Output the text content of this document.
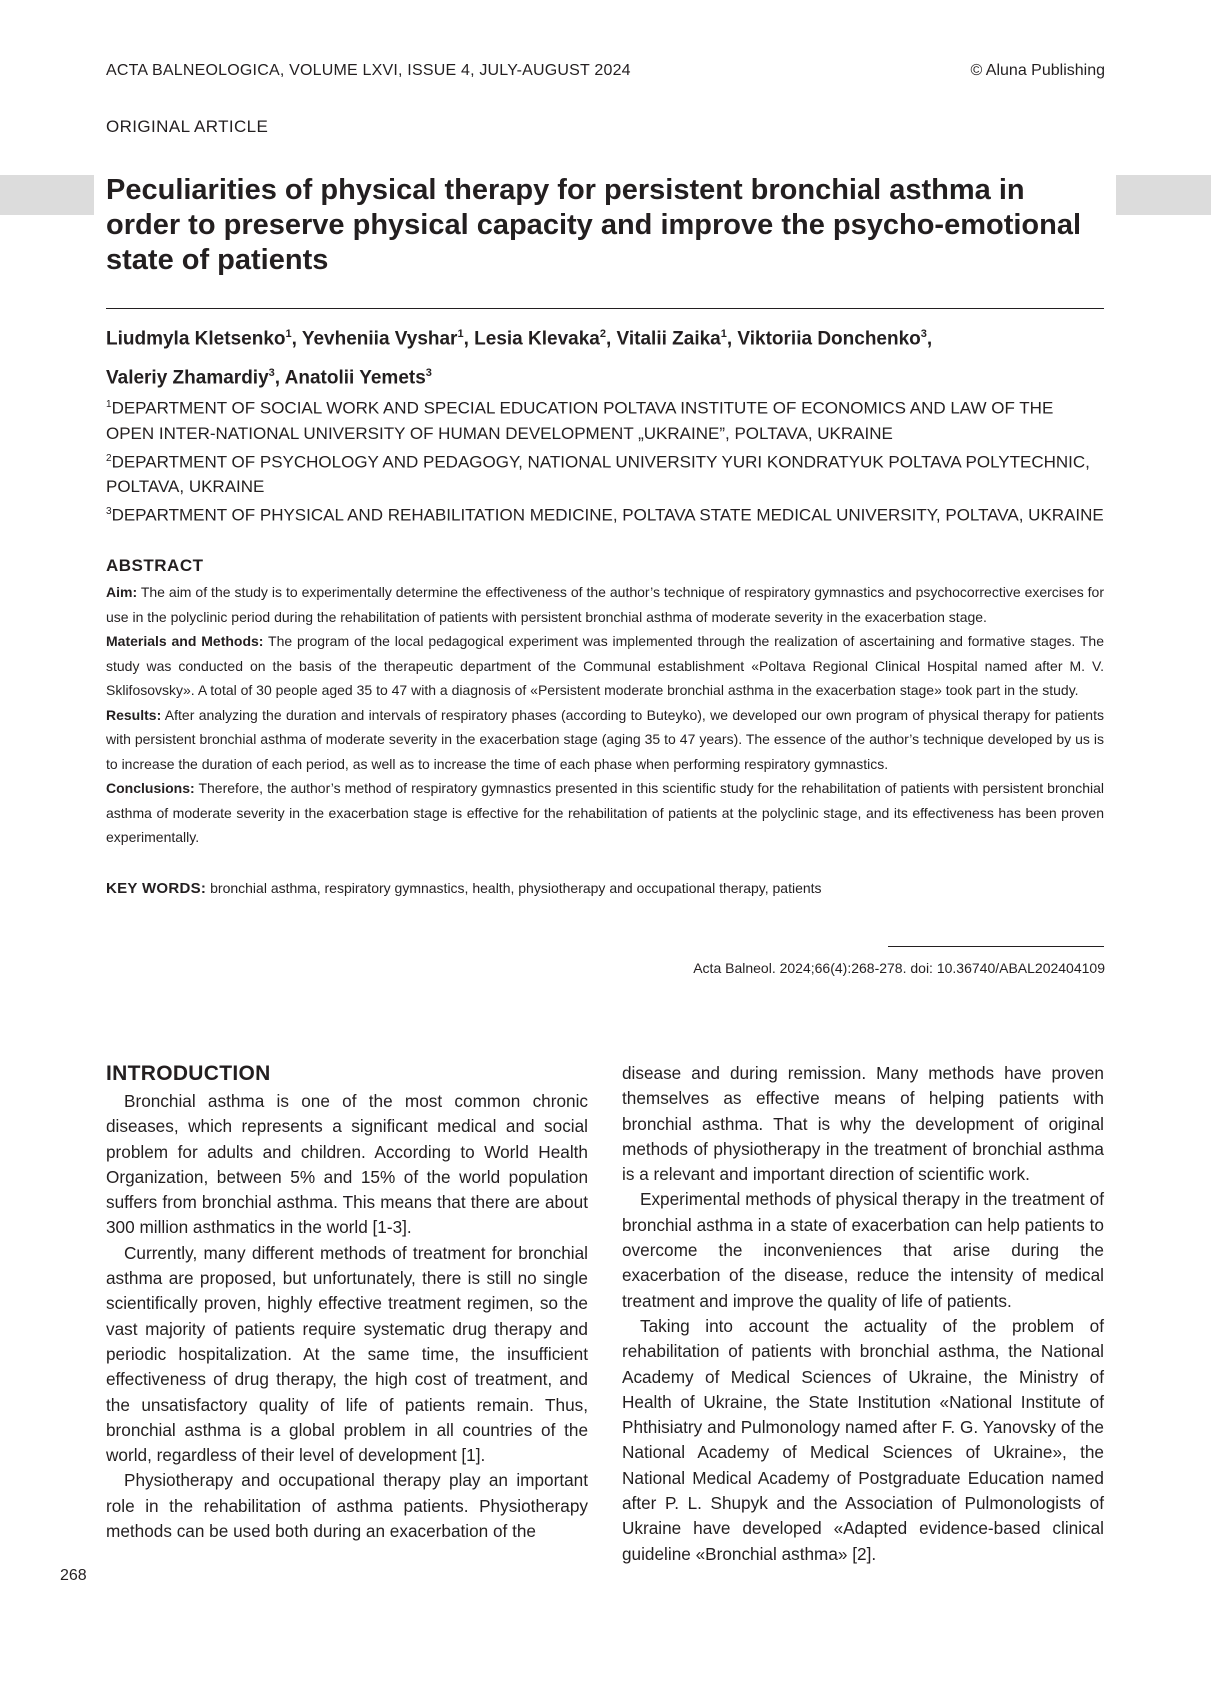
ACTA BALNEOLOGICA, VOLUME LXVI, ISSUE 4, JULY-AUGUST 2024	© Aluna Publishing
ORIGINAL ARTICLE
Peculiarities of physical therapy for persistent bronchial asthma in order to preserve physical capacity and improve the psycho-emotional state of patients
Liudmyla Kletsenko$^1$, Yevheniia Vyshar$^1$, Lesia Klevaka$^2$, Vitalii Zaika$^1$, Viktoriia Donchenko$^3$,
Valeriy Zhamardiy$^3$, Anatolii Yemets$^3$
$^1$DEPARTMENT OF SOCIAL WORK AND SPECIAL EDUCATION POLTAVA INSTITUTE OF ECONOMICS AND LAW OF THE OPEN INTER-NATIONAL UNIVERSITY OF HUMAN DEVELOPMENT „UKRAINE”, POLTAVA, UKRAINE
$^2$DEPARTMENT OF PSYCHOLOGY AND PEDAGOGY, NATIONAL UNIVERSITY YURI KONDRATYUK POLTAVA POLYTECHNIC, POLTAVA, UKRAINE
$^3$DEPARTMENT OF PHYSICAL AND REHABILITATION MEDICINE, POLTAVA STATE MEDICAL UNIVERSITY, POLTAVA, UKRAINE
ABSTRACT
Aim: The aim of the study is to experimentally determine the effectiveness of the author’s technique of respiratory gymnastics and psychocorrective exercises for use in the polyclinic period during the rehabilitation of patients with persistent bronchial asthma of moderate severity in the exacerbation stage.
Materials and Methods: The program of the local pedagogical experiment was implemented through the realization of ascertaining and formative stages. The study was conducted on the basis of the therapeutic department of the Communal establishment «Poltava Regional Clinical Hospital named after M. V. Sklifosovsky». A total of 30 people aged 35 to 47 with a diagnosis of «Persistent moderate bronchial asthma in the exacerbation stage» took part in the study.
Results: After analyzing the duration and intervals of respiratory phases (according to Buteyko), we developed our own program of physical therapy for patients with persistent bronchial asthma of moderate severity in the exacerbation stage (aging 35 to 47 years). The essence of the author’s technique developed by us is to increase the duration of each period, as well as to increase the time of each phase when performing respiratory gymnastics.
Conclusions: Therefore, the author’s method of respiratory gymnastics presented in this scientific study for the rehabilitation of patients with persistent bronchial asthma of moderate severity in the exacerbation stage is effective for the rehabilitation of patients at the polyclinic stage, and its effectiveness has been proven experimentally.
KEY WORDS: bronchial asthma, respiratory gymnastics, health, physiotherapy and occupational therapy, patients
Acta Balneol. 2024;66(4):268-278. doi: 10.36740/ABAL202404109
INTRODUCTION

Bronchial asthma is one of the most common chronic diseases, which represents a significant medical and social problem for adults and children. According to World Health Organization, between 5% and 15% of the world population suffers from bronchial asthma. This means that there are about 300 million asthmatics in the world [1-3].

Currently, many different methods of treatment for bronchial asthma are proposed, but unfortunately, there is still no single scientifically proven, highly effective treatment regimen, so the vast majority of patients require systematic drug therapy and periodic hospitalization. At the same time, the insufficient effectiveness of drug therapy, the high cost of treatment, and the unsatisfactory quality of life of patients remain. Thus, bronchial asthma is a global problem in all countries of the world, regardless of their level of development [1].

Physiotherapy and occupational therapy play an important role in the rehabilitation of asthma patients. Physiotherapy methods can be used both during an exacerbation of the

disease and during remission. Many methods have proven themselves as effective means of helping patients with bronchial asthma. That is why the development of original methods of physiotherapy in the treatment of bronchial asthma is a relevant and important direction of scientific work.

Experimental methods of physical therapy in the treatment of bronchial asthma in a state of exacerbation can help patients to overcome the inconveniences that arise during the exacerbation of the disease, reduce the intensity of medical treatment and improve the quality of life of patients.

Taking into account the actuality of the problem of rehabilitation of patients with bronchial asthma, the National Academy of Medical Sciences of Ukraine, the Ministry of Health of Ukraine, the State Institution «National Institute of Phthisiatry and Pulmonology named after F. G. Yanovsky of the National Academy of Medical Sciences of Ukraine», the National Medical Academy of Postgraduate Education named after P. L. Shupyk and the Association of Pulmonologists of Ukraine have developed «Adapted evidence-based clinical guideline «Bronchial asthma» [2].

268
